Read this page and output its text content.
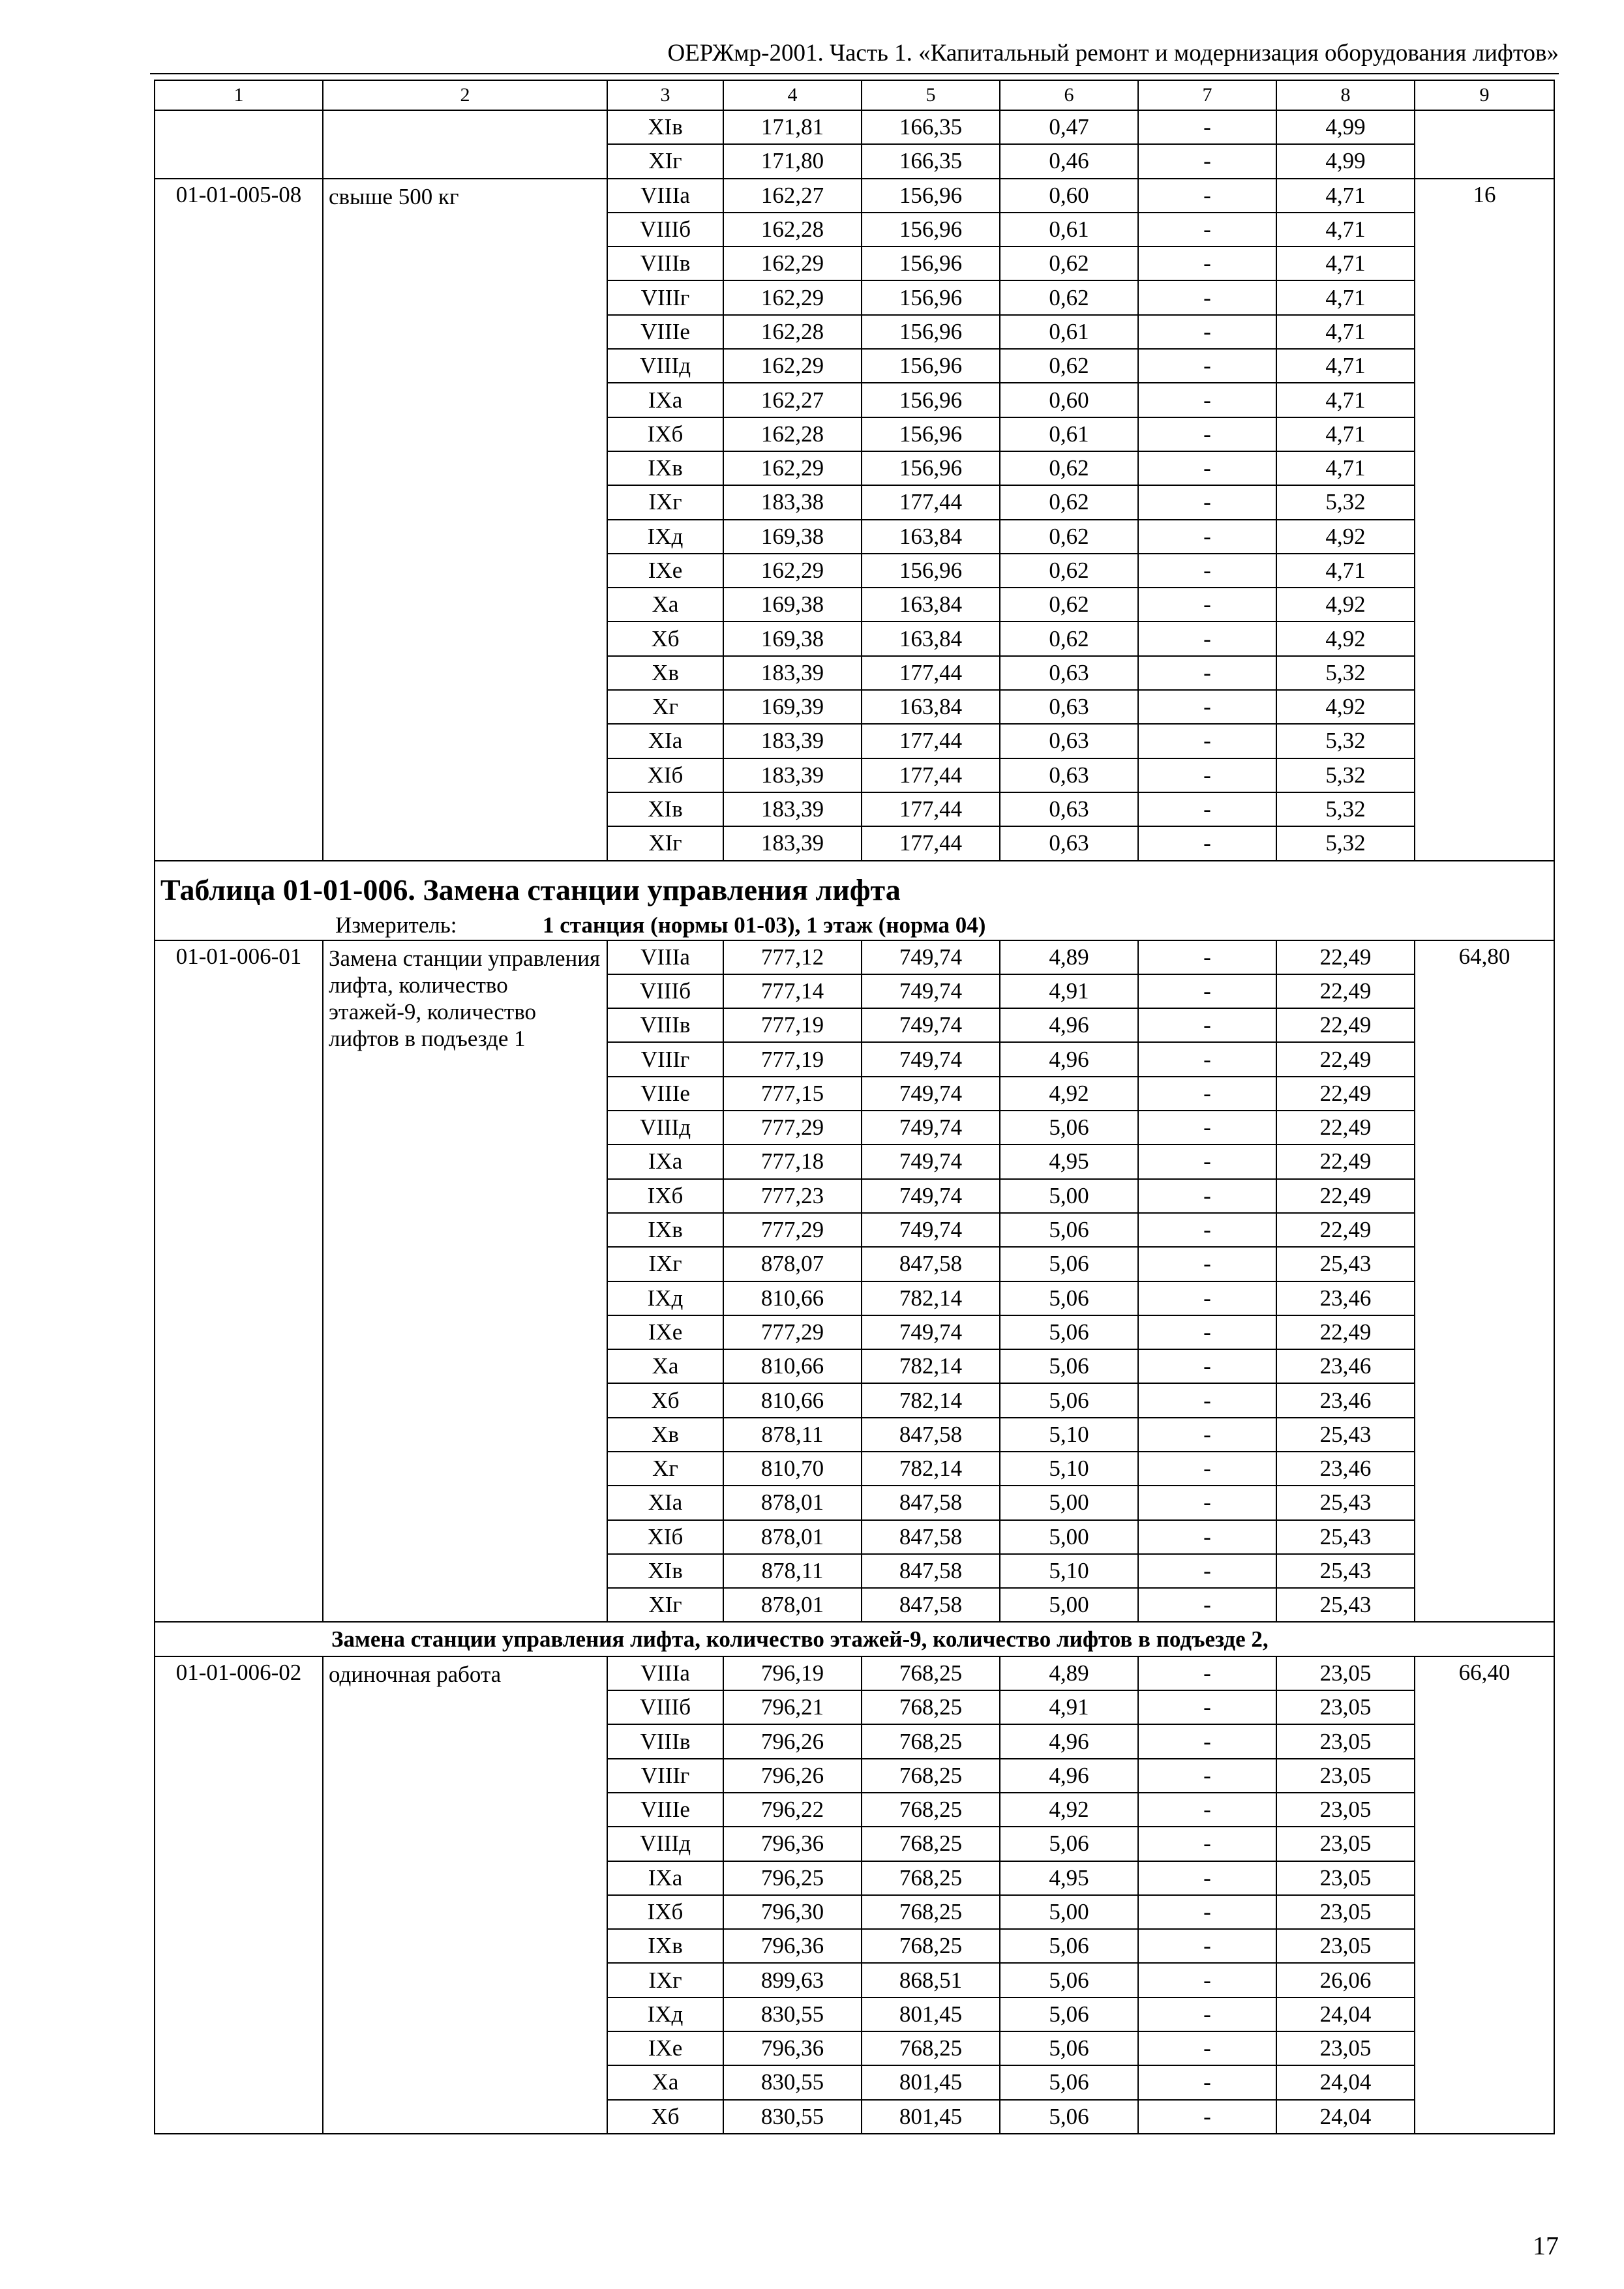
ОЕРЖмр-2001. Часть 1. «Капитальный ремонт и модернизация оборудования лифтов»
1	2	3	4	5	6	7	8	9
		XIв	171,81	166,35	0,47	-	4,99	
		XIг	171,80	166,35	0,46	-	4,99	
01-01-005-08	свыше 500 кг	VIIIа	162,27	156,96	0,60	-	4,71	16
		VIIIб	162,28	156,96	0,61	-	4,71	
		VIIIв	162,29	156,96	0,62	-	4,71	
		VIIIг	162,29	156,96	0,62	-	4,71	
		VIIIе	162,28	156,96	0,61	-	4,71	
		VIIIд	162,29	156,96	0,62	-	4,71	
		IXа	162,27	156,96	0,60	-	4,71	
		IXб	162,28	156,96	0,61	-	4,71	
		IXв	162,29	156,96	0,62	-	4,71	
		IXг	183,38	177,44	0,62	-	5,32	
		IXд	169,38	163,84	0,62	-	4,92	
		IXе	162,29	156,96	0,62	-	4,71	
		Xа	169,38	163,84	0,62	-	4,92	
		Xб	169,38	163,84	0,62	-	4,92	
		Xв	183,39	177,44	0,63	-	5,32	
		Xг	169,39	163,84	0,63	-	4,92	
		XIа	183,39	177,44	0,63	-	5,32	
		XIб	183,39	177,44	0,63	-	5,32	
		XIв	183,39	177,44	0,63	-	5,32	
		XIг	183,39	177,44	0,63	-	5,32	
Таблица 01-01-006. Замена станции управления лифта								
Измеритель: 1 станция (нормы 01-03), 1 этаж (норма 04)								
01-01-006-01	Замена станции управления лифта, количество этажей-9, количество лифтов в подъезде 1	VIIIа	777,12	749,74	4,89	-	22,49	64,80
		VIIIб	777,14	749,74	4,91	-	22,49	
		VIIIв	777,19	749,74	4,96	-	22,49	
		VIIIг	777,19	749,74	4,96	-	22,49	
		VIIIе	777,15	749,74	4,92	-	22,49	
		VIIIд	777,29	749,74	5,06	-	22,49	
		IXа	777,18	749,74	4,95	-	22,49	
		IXб	777,23	749,74	5,00	-	22,49	
		IXв	777,29	749,74	5,06	-	22,49	
		IXг	878,07	847,58	5,06	-	25,43	
		IXд	810,66	782,14	5,06	-	23,46	
		IXе	777,29	749,74	5,06	-	22,49	
		Xа	810,66	782,14	5,06	-	23,46	
		Xб	810,66	782,14	5,06	-	23,46	
		Xв	878,11	847,58	5,10	-	25,43	
		Xг	810,70	782,14	5,10	-	23,46	
		XIа	878,01	847,58	5,00	-	25,43	
		XIб	878,01	847,58	5,00	-	25,43	
		XIв	878,11	847,58	5,10	-	25,43	
		XIг	878,01	847,58	5,00	-	25,43	
Замена станции управления лифта, количество этажей-9, количество лифтов в подъезде 2,								
01-01-006-02	одиночная работа	VIIIа	796,19	768,25	4,89	-	23,05	66,40
		VIIIб	796,21	768,25	4,91	-	23,05	
		VIIIв	796,26	768,25	4,96	-	23,05	
		VIIIг	796,26	768,25	4,96	-	23,05	
		VIIIе	796,22	768,25	4,92	-	23,05	
		VIIIд	796,36	768,25	5,06	-	23,05	
		IXа	796,25	768,25	4,95	-	23,05	
		IXб	796,30	768,25	5,00	-	23,05	
		IXв	796,36	768,25	5,06	-	23,05	
		IXг	899,63	868,51	5,06	-	26,06	
		IXд	830,55	801,45	5,06	-	24,04	
		IXе	796,36	768,25	5,06	-	23,05	
		Xа	830,55	801,45	5,06	-	24,04	
		Xб	830,55	801,45	5,06	-	24,04	
17
